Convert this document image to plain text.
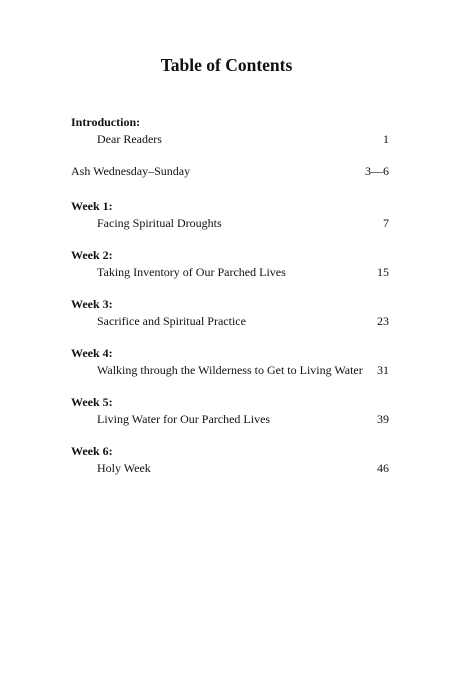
Table of Contents
Introduction:
Dear Readers	1
Ash Wednesday–Sunday	3—6
Week 1:
Facing Spiritual Droughts	7
Week 2:
Taking Inventory of Our Parched Lives	15
Week 3:
Sacrifice and Spiritual Practice	23
Week 4:
Walking through the Wilderness to Get to Living Water 31
Week 5:
Living Water for Our Parched Lives	39
Week 6:
Holy Week	46
